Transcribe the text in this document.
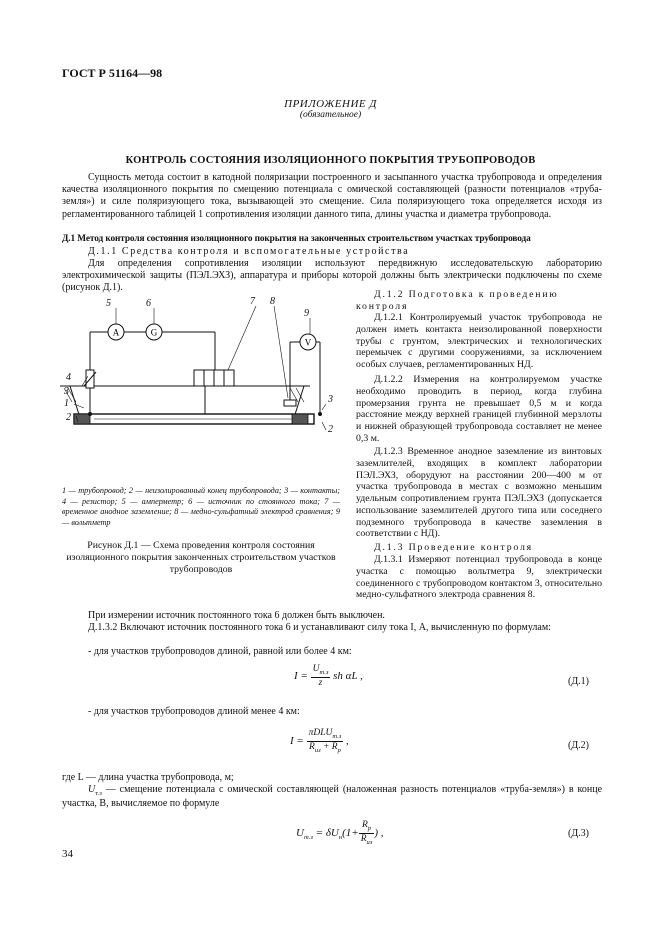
ГОСТ Р 51164—98
ПРИЛОЖЕНИЕ Д
(обязательное)
КОНТРОЛЬ СОСТОЯНИЯ ИЗОЛЯЦИОННОГО ПОКРЫТИЯ ТРУБОПРОВОДОВ
Сущность метода состоит в катодной поляризации построенного и засыпанного участка трубопровода и определения качества изоляционного покрытия по смещению потенциала с омической составляющей (разности потенциалов «труба-земля») и силе поляризующего тока, вызывающей это смещение. Сила поляризующего тока определяется исходя из регламентированного таблицей 1 сопротивления изоляции данного типа, длины участка и диаметра трубопровода.
Д.1 Метод контроля состояния изоляционного покрытия на законченных строительством участках трубопровода
Д.1.1 Средства контроля и вспомогательные устройства
Для определения сопротивления изоляции используют передвижную исследовательскую лабораторию электрохимической защиты (ПЭЛ.ЭХЗ), аппаратура и приборы которой должны быть электрически подключены по схеме (рисунок Д.1).
A	G
V
1
2
3
4
5	6	7 8
9
2
3
1 — трубопровод; 2 — неизолированный конец трубопровода; 3 — контакты; 4 — резистор; 5 — амперметр; 6 — источник по стоянного тока; 7 — временное анодное заземление; 8 — медно-сульфатный электрод сравнения; 9 — вольтметр
Рисунок Д.1 — Схема проведения контроля состояния изоляционного покрытия законченных строительством участков трубопроводов
Д.1.2 Подготовка к проведению контроля
Д.1.2.1 Контролируемый участок трубопровода не должен иметь контакта неизолированной поверхности трубы с грунтом, электрических и технологических перемычек с другими сооружениями, за исключением особых случаев, регламентированных НД.
Д.1.2.2 Измерения на контролируемом участке необходимо проводить в период, когда глубина промерзания грунта не превышает 0,5 м и когда расстояние между верхней границей глубинной мерзлоты и нижней образующей трубопровода составляет не менее 0,3 м.
Д.1.2.3 Временное анодное заземление из винтовых заземлителей, входящих в комплект лаборатории ПЭЛ.ЭХЗ, оборудуют на расстоянии 200—400 м от участка трубопровода в местах с возможно меньшим удельным сопротивлением грунта ПЭЛ.ЭХЗ (допускается использование заземлителей другого типа или соседнего подземного трубопровода в качестве заземления в соответствии с НД).
Д.1.3 Проведение контроля
Д.1.3.1 Измеряют потенциал трубопровода в конце участка с помощью вольтметра 9, электрически соединенного с трубопроводом контактом 3, относительно медно-сульфатного электрода сравнения 8.
При измерении источник постоянного тока 6 должен быть выключен.
Д.1.3.2 Включают источник постоянного тока 6 и устанавливают силу тока I, А, вычисленную по формулам:
- для участков трубопроводов длиной, равной или более 4 км:
$I = \frac{U_{т.з}}{z}$ sh αL ,	(Д.1)
- для участков трубопроводов длиной менее 4 км:
$I = \frac{\pi DLU_{т.з}}{R_{из} + R_р}$ ,	(Д.2)
где L — длина участка трубопровода, м;
$U_{т.з}$ — смещение потенциала с омической составляющей (наложенная разность потенциалов «труба-земля») в конце участка, В, вычисляемое по формуле
$U_{т.з} = \delta U_н(1+ \frac{R_р}{R_{из}}$ ) ,	(Д.3)
34
